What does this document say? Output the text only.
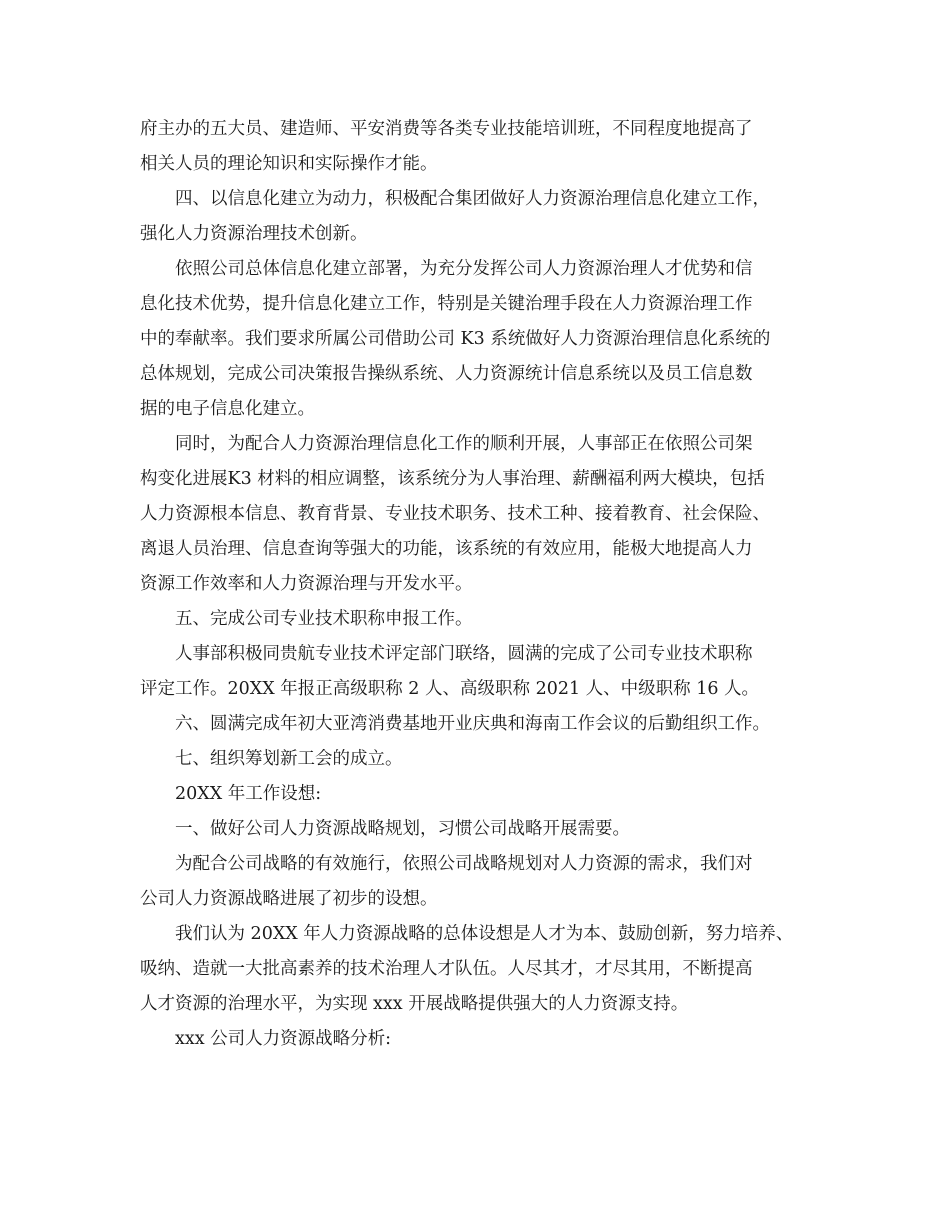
府主办的五大员、建造师、平安消费等各类专业技能培训班，不同程度地提高了
相关人员的理论知识和实际操作才能。

四、以信息化建立为动力，积极配合集团做好人力资源治理信息化建立工作，
强化人力资源治理技术创新。

依照公司总体信息化建立部署，为充分发挥公司人力资源治理人才优势和信
息化技术优势，提升信息化建立工作，特别是关键治理手段在人力资源治理工作
中的奉献率。我们要求所属公司借助公司 K3 系统做好人力资源治理信息化系统的
总体规划，完成公司决策报告操纵系统、人力资源统计信息系统以及员工信息数
据的电子信息化建立。

同时，为配合人力资源治理信息化工作的顺利开展，人事部正在依照公司架
构变化进展K3 材料的相应调整，该系统分为人事治理、薪酬福利两大模块，包括
人力资源根本信息、教育背景、专业技术职务、技术工种、接着教育、社会保险、
离退人员治理、信息查询等强大的功能，该系统的有效应用，能极大地提高人力
资源工作效率和人力资源治理与开发水平。

五、完成公司专业技术职称申报工作。

人事部积极同贵航专业技术评定部门联络，圆满的完成了公司专业技术职称
评定工作。20XX 年报正高级职称 2 人、高级职称 2021 人、中级职称 16 人。

六、圆满完成年初大亚湾消费基地开业庆典和海南工作会议的后勤组织工作。

七、组织筹划新工会的成立。

20XX 年工作设想:

一、做好公司人力资源战略规划，习惯公司战略开展需要。

为配合公司战略的有效施行，依照公司战略规划对人力资源的需求，我们对
公司人力资源战略进展了初步的设想。

我们认为 20XX 年人力资源战略的总体设想是人才为本、鼓励创新，努力培养、
吸纳、造就一大批高素养的技术治理人才队伍。人尽其才，才尽其用，不断提高
人才资源的治理水平，为实现 xxx 开展战略提供强大的人力资源支持。

xxx 公司人力资源战略分析:
